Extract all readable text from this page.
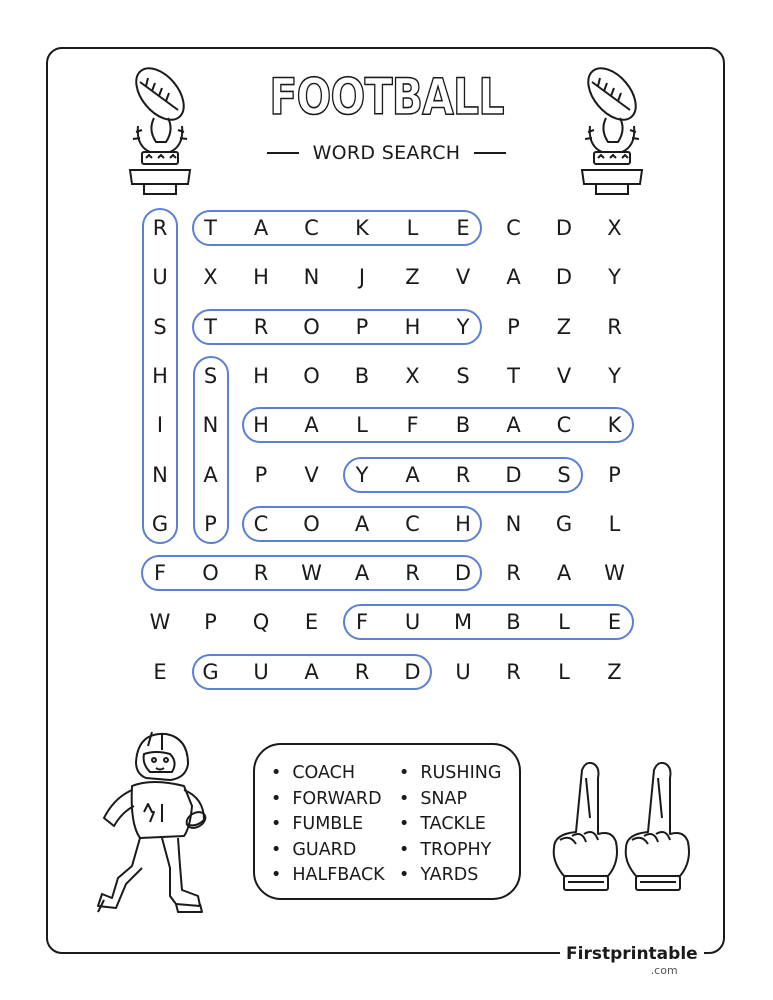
FOOTBALL
WORD SEARCH
R	T	A	C	K	L	E	C	D	X
U	X	H	N	J	Z	V	A	D	Y
S	T	R	O	P	H	Y	P	Z	R
H	S	H	O	B	X	S	T	V	Y
I	N	H	A	L	F	B	A	C	K
N	A	P	V	Y	A	R	D	S	P
G	P	C	O	A	C	H	N	G	L
F	O	R	W	A	R	D	R	A	W
W	P	Q	E	F	U	M	B	L	E
E	G	U	A	R	D	U	R	L	Z
• COACH
• FORWARD
• FUMBLE
• GUARD
• HALFBACK
• RUSHING
• SNAP
• TACKLE
• TROPHY
• YARDS
Firstprintable
.com
